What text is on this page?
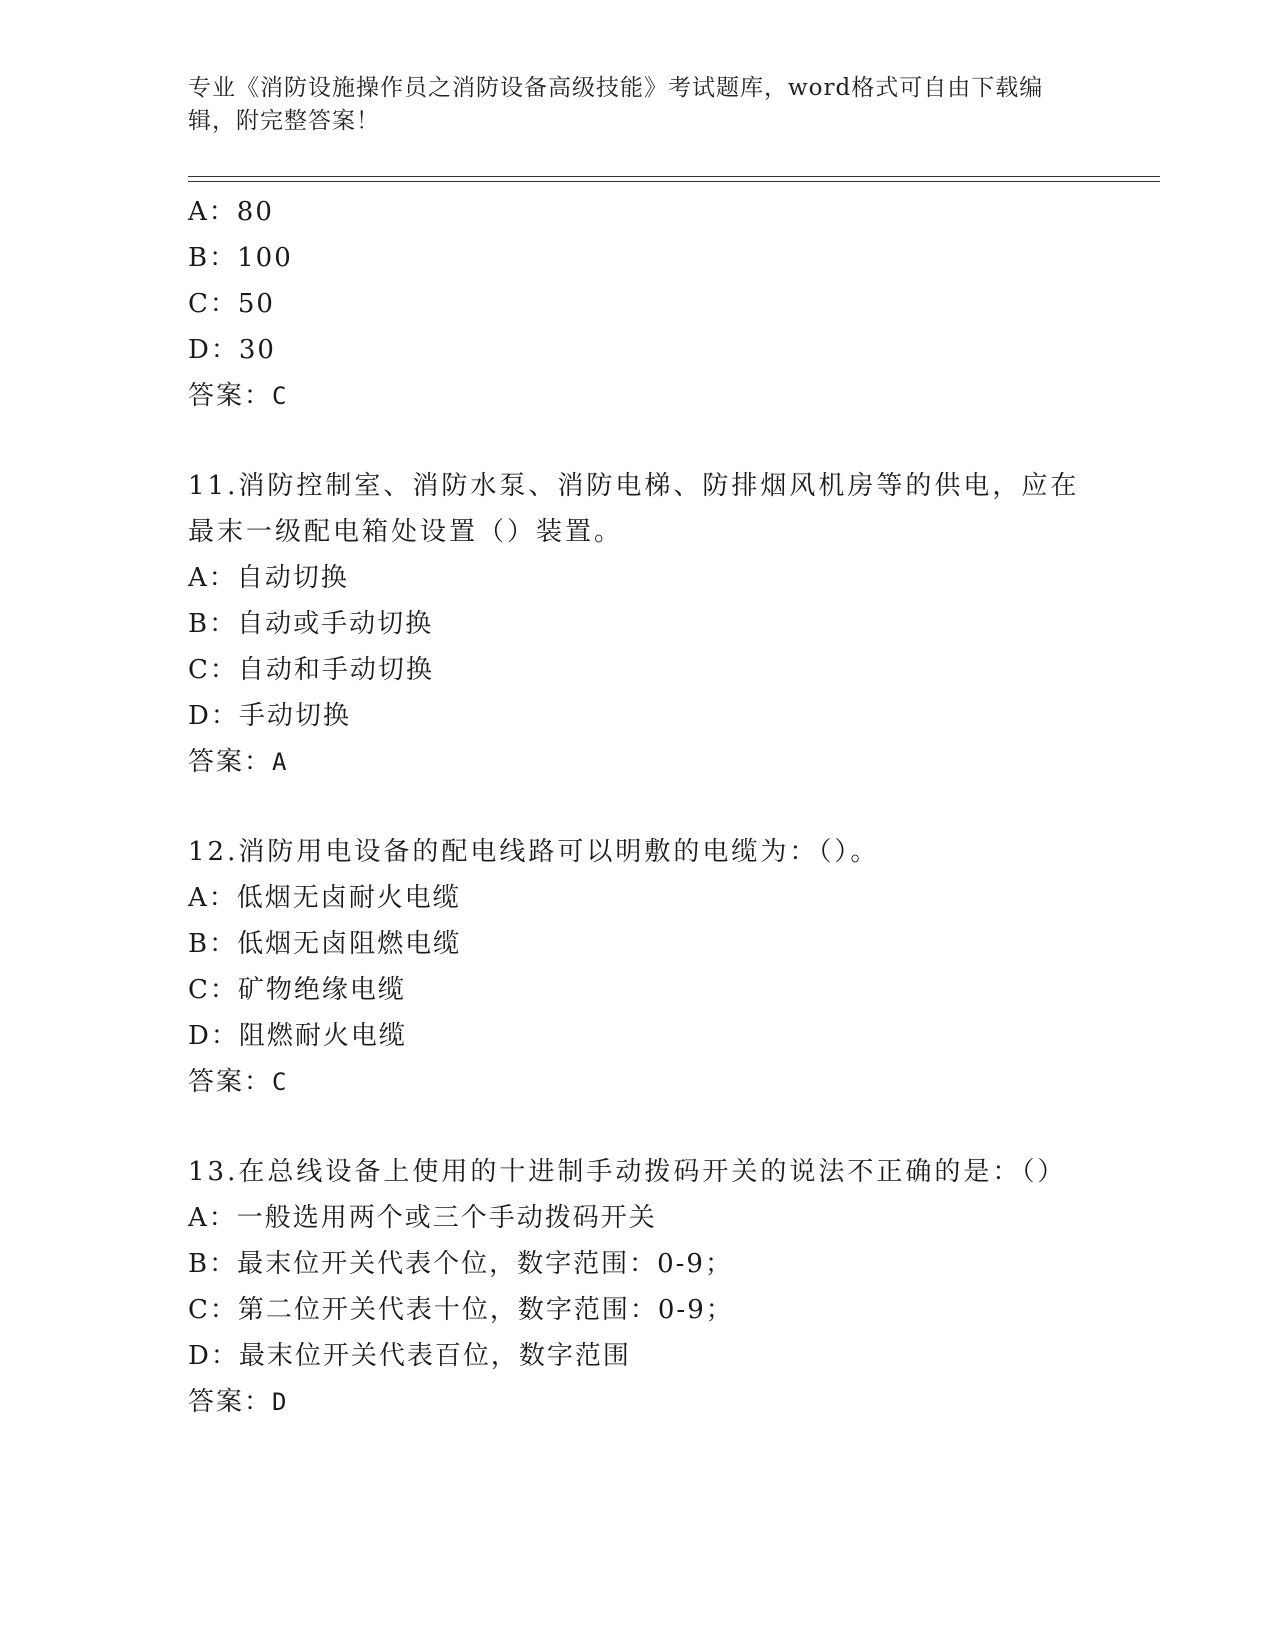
专业《消防设施操作员之消防设备高级技能》考试题库，word格式可自由下载编辑，附完整答案！
A：80
B：100
C：50
D：30
答案：C
11.消防控制室、消防水泵、消防电梯、防排烟风机房等的供电，应在最末一级配电箱处设置（）装置。
A：自动切换
B：自动或手动切换
C：自动和手动切换
D：手动切换
答案：A
12.消防用电设备的配电线路可以明敷的电缆为：（）。
A：低烟无卤耐火电缆
B：低烟无卤阻燃电缆
C：矿物绝缘电缆
D：阻燃耐火电缆
答案：C
13.在总线设备上使用的十进制手动拨码开关的说法不正确的是：（）
A：一般选用两个或三个手动拨码开关
B：最末位开关代表个位，数字范围：0-9；
C：第二位开关代表十位，数字范围：0-9；
D：最末位开关代表百位，数字范围
答案：D
